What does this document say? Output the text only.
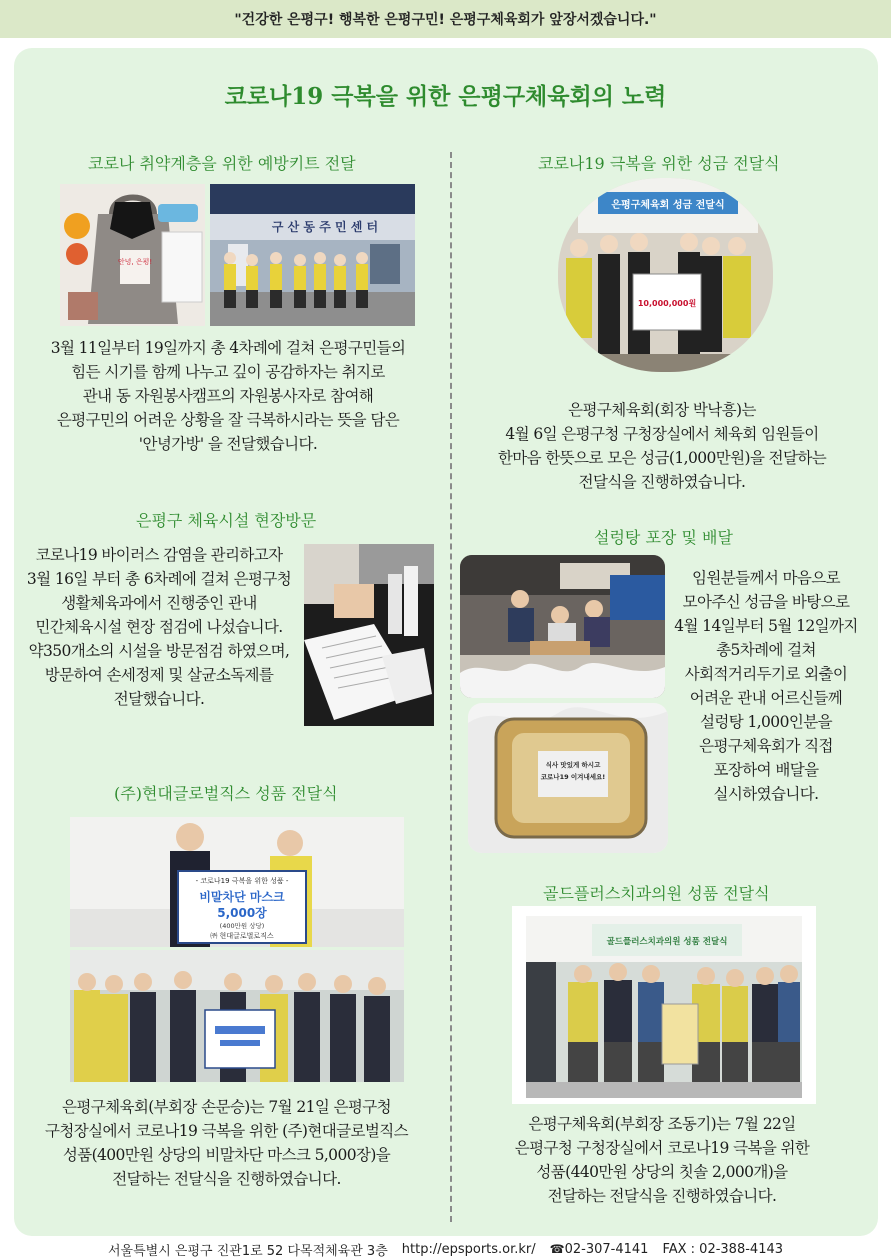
"건강한 은평구! 행복한 은평구민! 은평구체육회가 앞장서겠습니다."
코로나19 극복을 위한 은평구체육회의 노력
코로나 취약계층을 위한 예방키트 전달
안녕, 은평!
구 산 동 주 민 센 터

3월 11일부터 19일까지 총 4차례에 걸쳐 은평구민들의

힘든 시기를 함께 나누고 깊이 공감하자는 취지로

관내 동 자원봉사캠프의 자원봉사자로 참여해

은평구민의 어려운 상황을 잘 극복하시라는 뜻을 담은

'안녕가방' 을 전달했습니다.

코로나19 극복을 위한 성금 전달식
은평구체육회 성금 전달식
10,000,000원

은평구체육회(회장 박낙흥)는

4월 6일 은평구청 구청장실에서 체육회 임원들이

한마음 한뜻으로 모은 성금(1,000만원)을 전달하는

전달식을 진행하였습니다.

은평구 체육시설 현장방문

코로나19 바이러스 감염을 관리하고자

3월 16일 부터 총 6차례에 걸쳐 은평구청

생활체육과에서 진행중인 관내

민간체육시설 현장 점검에 나섰습니다.

약350개소의 시설을 방문점검 하였으며,

방문하여 손세정제 및 살균소독제를

전달했습니다.

설렁탕 포장 및 배달
식사 맛있게 하시고
코로나19 이겨내세요!

임원분들께서 마음으로

모아주신 성금을 바탕으로

4월 14일부터 5월 12일까지

총5차례에 걸쳐

사회적거리두기로 외출이

어려운 관내 어르신들께

설렁탕 1,000인분을

은평구체육회가 직접

포장하여 배달을

실시하였습니다.

(주)현대글로벌직스 성품 전달식
- 코로나19 극복을 위한 성품 -
비말차단 마스크
5,000장
(400만원 상당)
㈜ 현대글로벌로직스

은평구체육회(부회장 손문승)는 7월 21일 은평구청

구청장실에서 코로나19 극복을 위한 (주)현대글로벌직스

성품(400만원 상당의 비말차단 마스크 5,000장)을

전달하는 전달식을 진행하였습니다.

골드플러스치과의원 성품 전달식
골드플러스치과의원 성품 전달식

은평구체육회(부회장 조동기)는 7월 22일

은평구청 구청장실에서 코로나19 극복을 위한

성품(440만원 상당의 칫솔 2,000개)을

전달하는 전달식을 진행하였습니다.

서울특별시 은평구 진관1로 52 다목적체육관 3층 http://epsports.or.kr/ ☎02-307-4141 FAX : 02-388-4143
